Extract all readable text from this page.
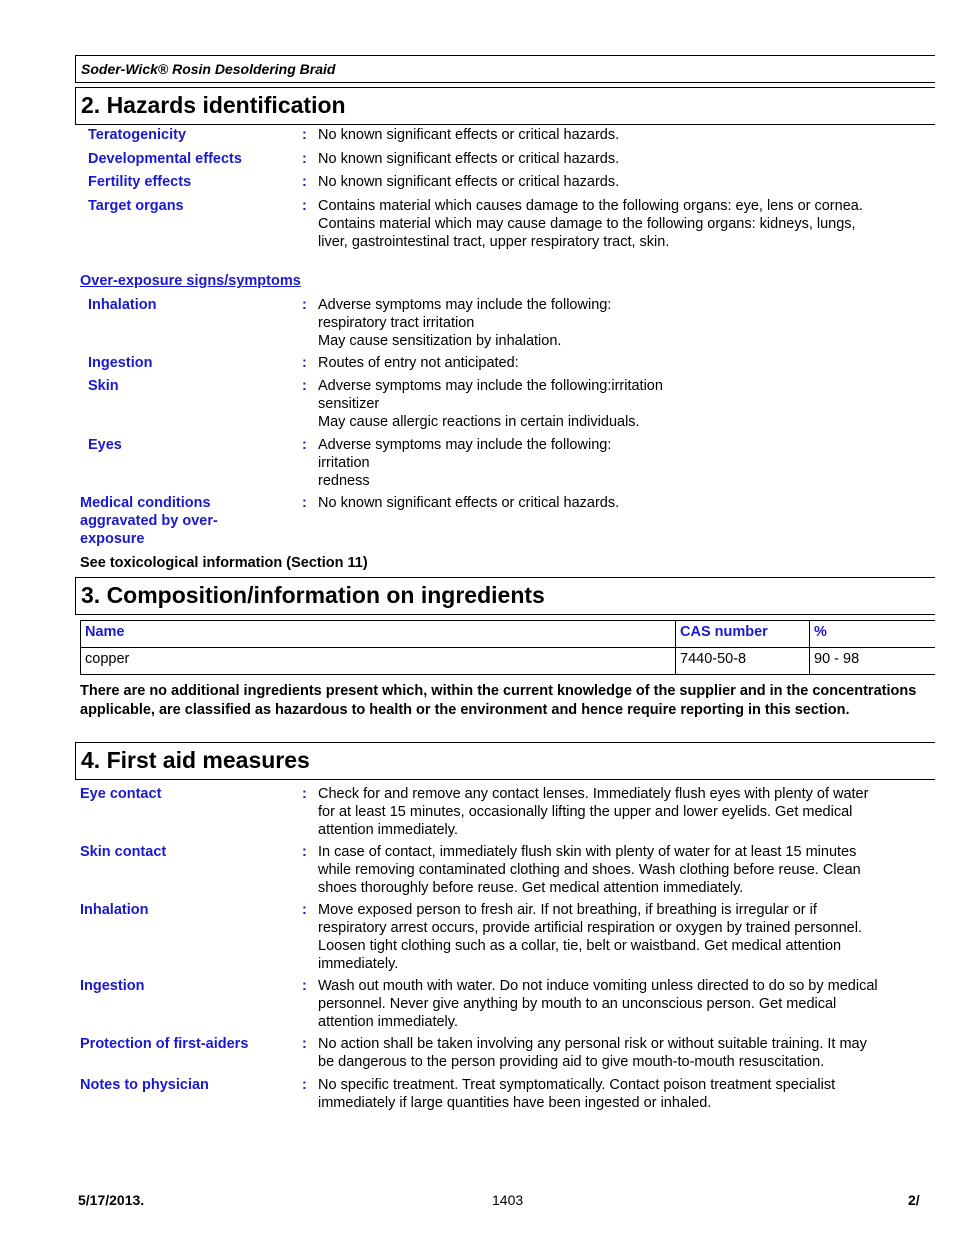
Soder-Wick® Rosin Desoldering Braid
2. Hazards identification
Teratogenicity	: No known significant effects or critical hazards.
Developmental effects	: No known significant effects or critical hazards.
Fertility effects	: No known significant effects or critical hazards.
Target organs	: Contains material which causes damage to the following organs: eye, lens or cornea.
Contains material which may cause damage to the following organs: kidneys, lungs,
liver, gastrointestinal tract, upper respiratory tract, skin.
Over-exposure signs/symptoms
Inhalation	: Adverse symptoms may include the following:
respiratory tract irritation
May cause sensitization by inhalation.
Ingestion	: Routes of entry not anticipated:
Skin	: Adverse symptoms may include the following:irritation
sensitizer
May cause allergic reactions in certain individuals.
Eyes	: Adverse symptoms may include the following:
irritation
redness
Medical conditions
aggravated by over-
exposure
: No known significant effects or critical hazards.
See toxicological information (Section 11)
3. Composition/information on ingredients
Name	CAS number	%
copper	7440-50-8	90 - 98
There are no additional ingredients present which, within the current knowledge of the supplier and in the concentrations applicable, are classified as hazardous to health or the environment and hence require reporting in this section.
4. First aid measures
Eye contact	: Check for and remove any contact lenses. Immediately flush eyes with plenty of water
for at least 15 minutes, occasionally lifting the upper and lower eyelids. Get medical
attention immediately.
Skin contact	: In case of contact, immediately flush skin with plenty of water for at least 15 minutes
while removing contaminated clothing and shoes. Wash clothing before reuse. Clean
shoes thoroughly before reuse. Get medical attention immediately.
Inhalation	: Move exposed person to fresh air. If not breathing, if breathing is irregular or if
respiratory arrest occurs, provide artificial respiration or oxygen by trained personnel.
Loosen tight clothing such as a collar, tie, belt or waistband. Get medical attention
immediately.
Ingestion	: Wash out mouth with water. Do not induce vomiting unless directed to do so by medical
personnel. Never give anything by mouth to an unconscious person. Get medical
attention immediately.
Protection of first-aiders	: No action shall be taken involving any personal risk or without suitable training. It may
be dangerous to the person providing aid to give mouth-to-mouth resuscitation.
Notes to physician	: No specific treatment. Treat symptomatically. Contact poison treatment specialist
immediately if large quantities have been ingested or inhaled.
5/17/2013.	1403	2/
